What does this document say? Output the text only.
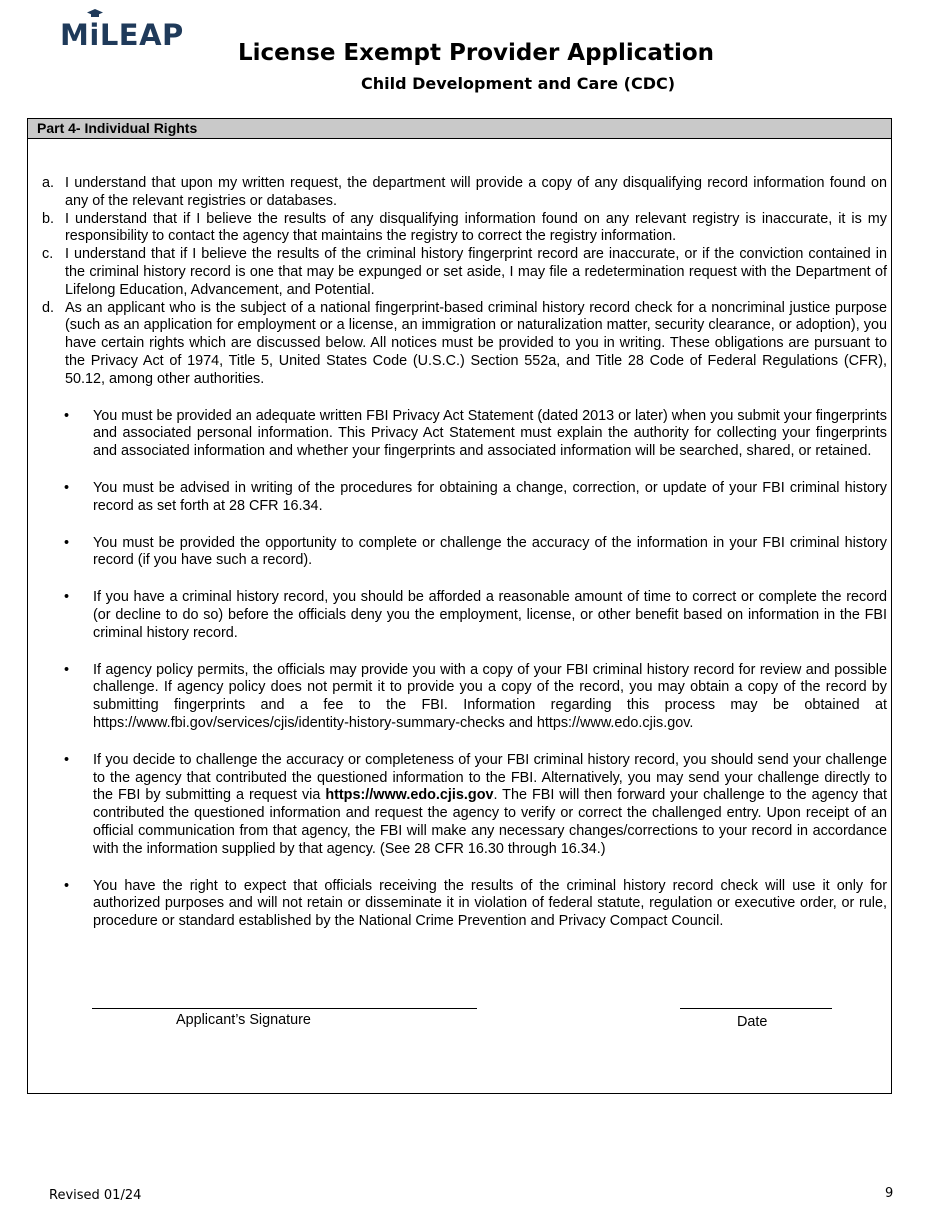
M
iLEAP
License Exempt Provider Application
Child Development and Care (CDC)
Part 4- Individual Rights
a. I understand that upon my written request, the department will provide a copy of any disqualifying record information found on any of the relevant registries or databases.
b. I understand that if I believe the results of any disqualifying information found on any relevant registry is inaccurate, it is my responsibility to contact the agency that maintains the registry to correct the registry information.
c. I understand that if I believe the results of the criminal history fingerprint record are inaccurate, or if the conviction contained in the criminal history record is one that may be expunged or set aside, I may file a redetermination request with the Department of Lifelong Education, Advancement, and Potential.
d. As an applicant who is the subject of a national fingerprint-based criminal history record check for a noncriminal justice purpose (such as an application for employment or a license, an immigration or naturalization matter, security clearance, or adoption), you have certain rights which are discussed below. All notices must be provided to you in writing. These obligations are pursuant to the Privacy Act of 1974, Title 5, United States Code (U.S.C.) Section 552a, and Title 28 Code of Federal Regulations (CFR), 50.12, among other authorities.
• You must be provided an adequate written FBI Privacy Act Statement (dated 2013 or later) when you submit your fingerprints and associated personal information. This Privacy Act Statement must explain the authority for collecting your fingerprints and associated information and whether your fingerprints and associated information will be searched, shared, or retained.
• You must be advised in writing of the procedures for obtaining a change, correction, or update of your FBI criminal history record as set forth at 28 CFR 16.34.
• You must be provided the opportunity to complete or challenge the accuracy of the information in your FBI criminal history record (if you have such a record).
• If you have a criminal history record, you should be afforded a reasonable amount of time to correct or complete the record (or decline to do so) before the officials deny you the employment, license, or other benefit based on information in the FBI criminal history record.
• If agency policy permits, the officials may provide you with a copy of your FBI criminal history record for review and possible challenge. If agency policy does not permit it to provide you a copy of the record, you may obtain a copy of the record by submitting fingerprints and a fee to the FBI. Information regarding this process may be obtained at https://www.fbi.gov/services/cjis/identity-history-summary-checks and https://www.edo.cjis.gov.
• If you decide to challenge the accuracy or completeness of your FBI criminal history record, you should send your challenge to the agency that contributed the questioned information to the FBI. Alternatively, you may send your challenge directly to the FBI by submitting a request via https://www.edo.cjis.gov. The FBI will then forward your challenge to the agency that contributed the questioned information and request the agency to verify or correct the challenged entry. Upon receipt of an official communication from that agency, the FBI will make any necessary changes/corrections to your record in accordance with the information supplied by that agency. (See 28 CFR 16.30 through 16.34.)
• You have the right to expect that officials receiving the results of the criminal history record check will use it only for authorized purposes and will not retain or disseminate it in violation of federal statute, regulation or executive order, or rule, procedure or standard established by the National Crime Prevention and Privacy Compact Council.
Applicant’s Signature	Date
Revised 01/24	9
